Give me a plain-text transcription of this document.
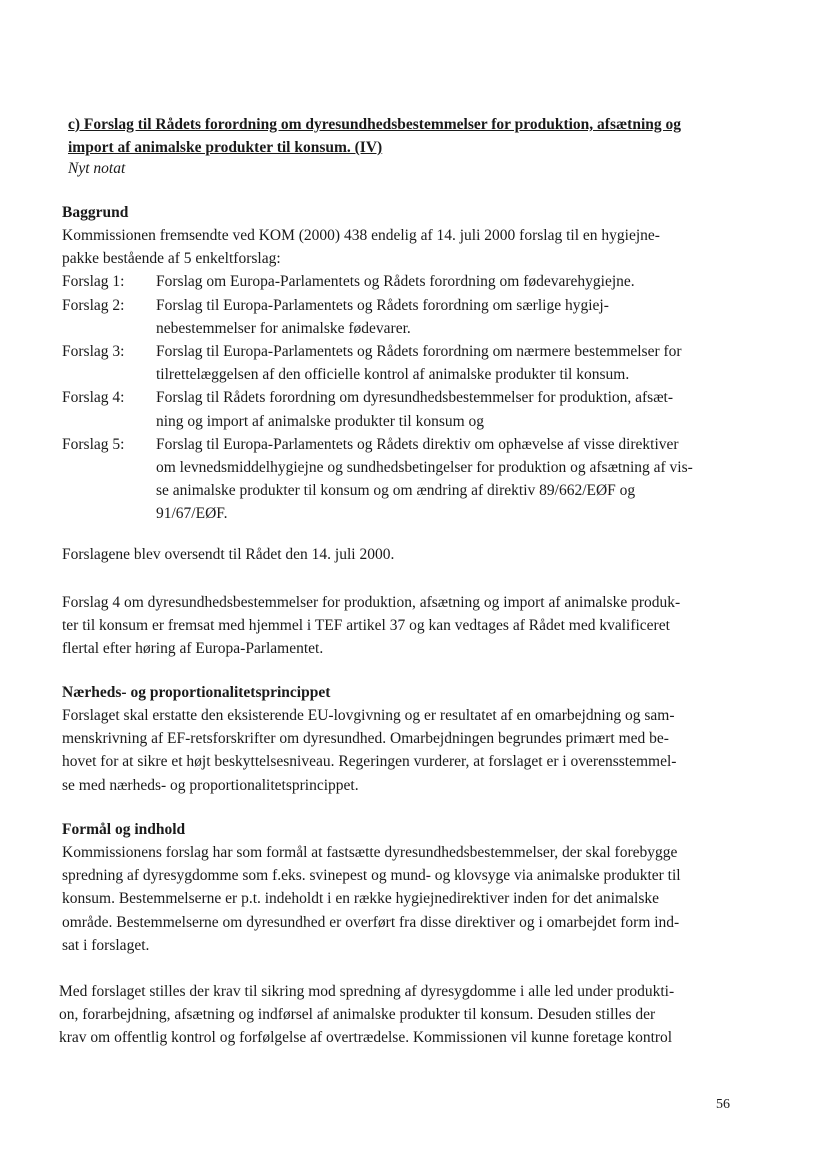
c) Forslag til Rådets forordning om dyresundhedsbestemmelser for produktion, afsætning og
import af animalske produkter til konsum. (IV)
Nyt notat
Baggrund

Kommissionen fremsendte ved KOM (2000) 438 endelig af 14. juli 2000 forslag til en hygiejne-

pakke bestående af 5 enkeltforslag:

Forslag 1:	Forslag om Europa-Parlamentets og Rådets forordning om fødevarehygiejne.
Forslag 2:	Forslag til Europa-Parlamentets og Rådets forordning om særlige hygiej-
nebestemmelser for animalske fødevarer.
Forslag 3:	Forslag til Europa-Parlamentets og Rådets forordning om nærmere bestemmelser for
tilrettelæggelsen af den officielle kontrol af animalske produkter til konsum.
Forslag 4:	Forslag til Rådets forordning om dyresundhedsbestemmelser for produktion, afsæt-
ning og import af animalske produkter til konsum og
Forslag 5:	Forslag til Europa-Parlamentets og Rådets direktiv om ophævelse af visse direktiver
om levnedsmiddelhygiejne og sundhedsbetingelser for produktion og afsætning af vis-
se animalske produkter til konsum og om ændring af direktiv 89/662/EØF og
91/67/EØF.

Forslagene blev oversendt til Rådet den 14. juli 2000.

Forslag 4 om dyresundhedsbestemmelser for produktion, afsætning og import af animalske produk-

ter til konsum er fremsat med hjemmel i TEF artikel 37 og kan vedtages af Rådet med kvalificeret

flertal efter høring af Europa-Parlamentet.

Nærheds- og proportionalitetsprincippet

Forslaget skal erstatte den eksisterende EU-lovgivning og er resultatet af en omarbejdning og sam-

menskrivning af EF-retsforskrifter om dyresundhed. Omarbejdningen begrundes primært med be-

hovet for at sikre et højt beskyttelsesniveau. Regeringen vurderer, at forslaget er i overensstemmel-

se med nærheds- og proportionalitetsprincippet.

Formål og indhold

Kommissionens forslag har som formål at fastsætte dyresundhedsbestemmelser, der skal forebygge

spredning af dyresygdomme som f.eks. svinepest og mund- og klovsyge via animalske produkter til

konsum. Bestemmelserne er p.t. indeholdt i en række hygiejnedirektiver inden for det animalske

område. Bestemmelserne om dyresundhed er overført fra disse direktiver og i omarbejdet form ind-

sat i forslaget.

Med forslaget stilles der krav til sikring mod spredning af dyresygdomme i alle led under produkti-

on, forarbejdning, afsætning og indførsel af animalske produkter til konsum. Desuden stilles der

krav om offentlig kontrol og forfølgelse af overtrædelse. Kommissionen vil kunne foretage kontrol

56
